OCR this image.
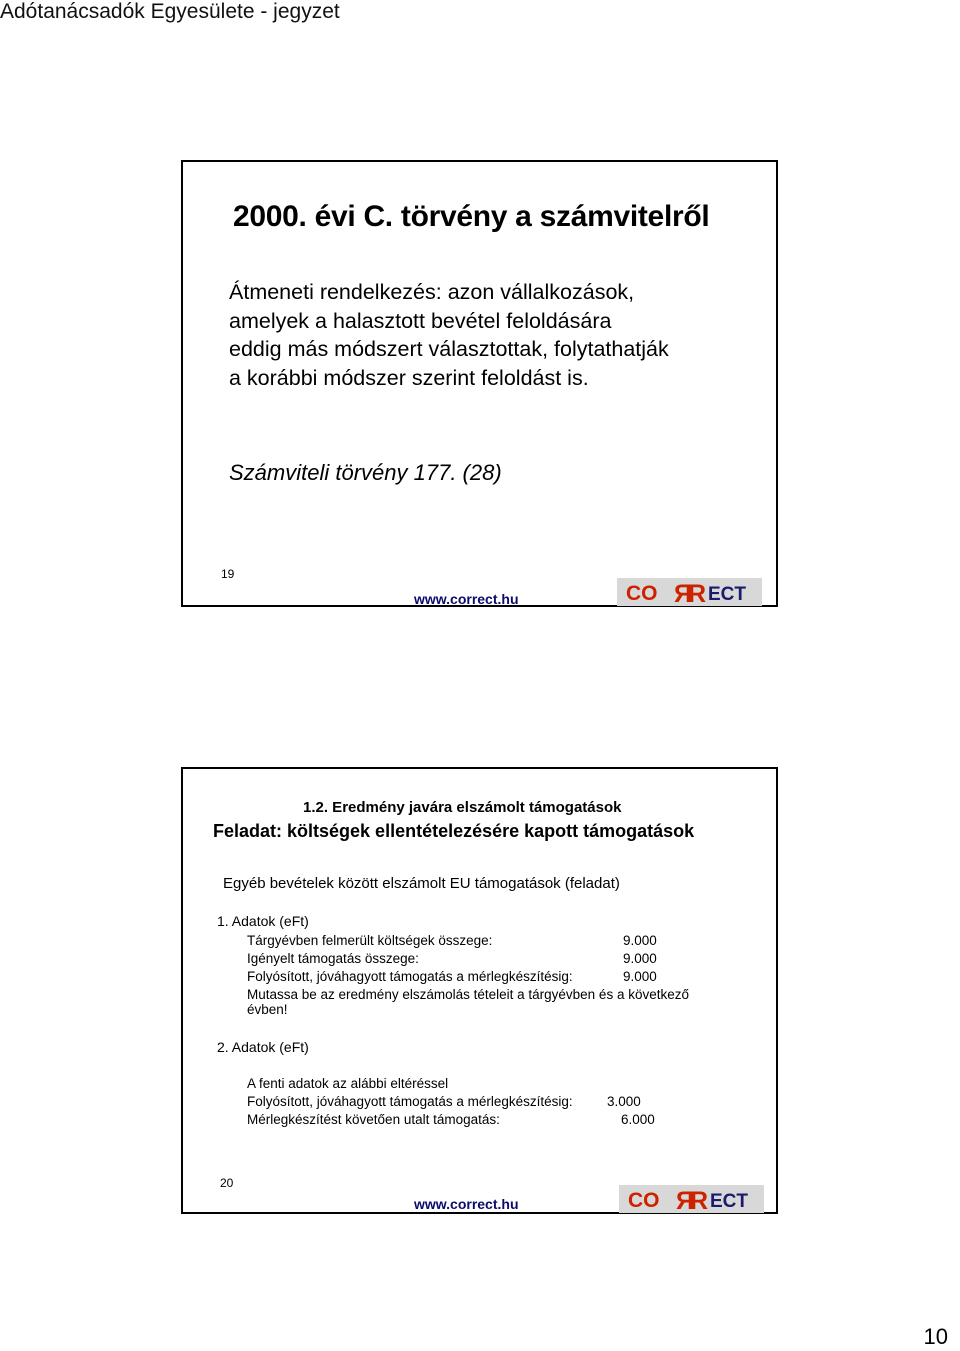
Adótanácsadók Egyesülete - jegyzet
2000. évi C. törvény a számvitelről
Átmeneti rendelkezés: azon vállalkozások,
amelyek a halasztott bevétel feloldására
eddig más módszert választottak, folytathatják
a korábbi módszer szerint feloldást is.
Számviteli törvény 177. (28)
19
www.correct.hu	CO R
R ECT
1.2. Eredmény javára elszámolt támogatások
Feladat: költségek ellentételezésére kapott támogatások
Egyéb bevételek között elszámolt EU támogatások (feladat)
1. Adatok (eFt)
Tárgyévben felmerült költségek összege:	9.000
Igényelt támogatás összege:	9.000
Folyósított, jóváhagyott támogatás a mérlegkészítésig:	9.000
Mutassa be az eredmény elszámolás tételeit a tárgyévben és a következő
évben!
2. Adatok (eFt)
A fenti adatok az alábbi eltéréssel
Folyósított, jóváhagyott támogatás a mérlegkészítésig:	3.000
Mérlegkészítést követően utalt támogatás:	6.000
20
www.correct.hu	CO R
R ECT
10
